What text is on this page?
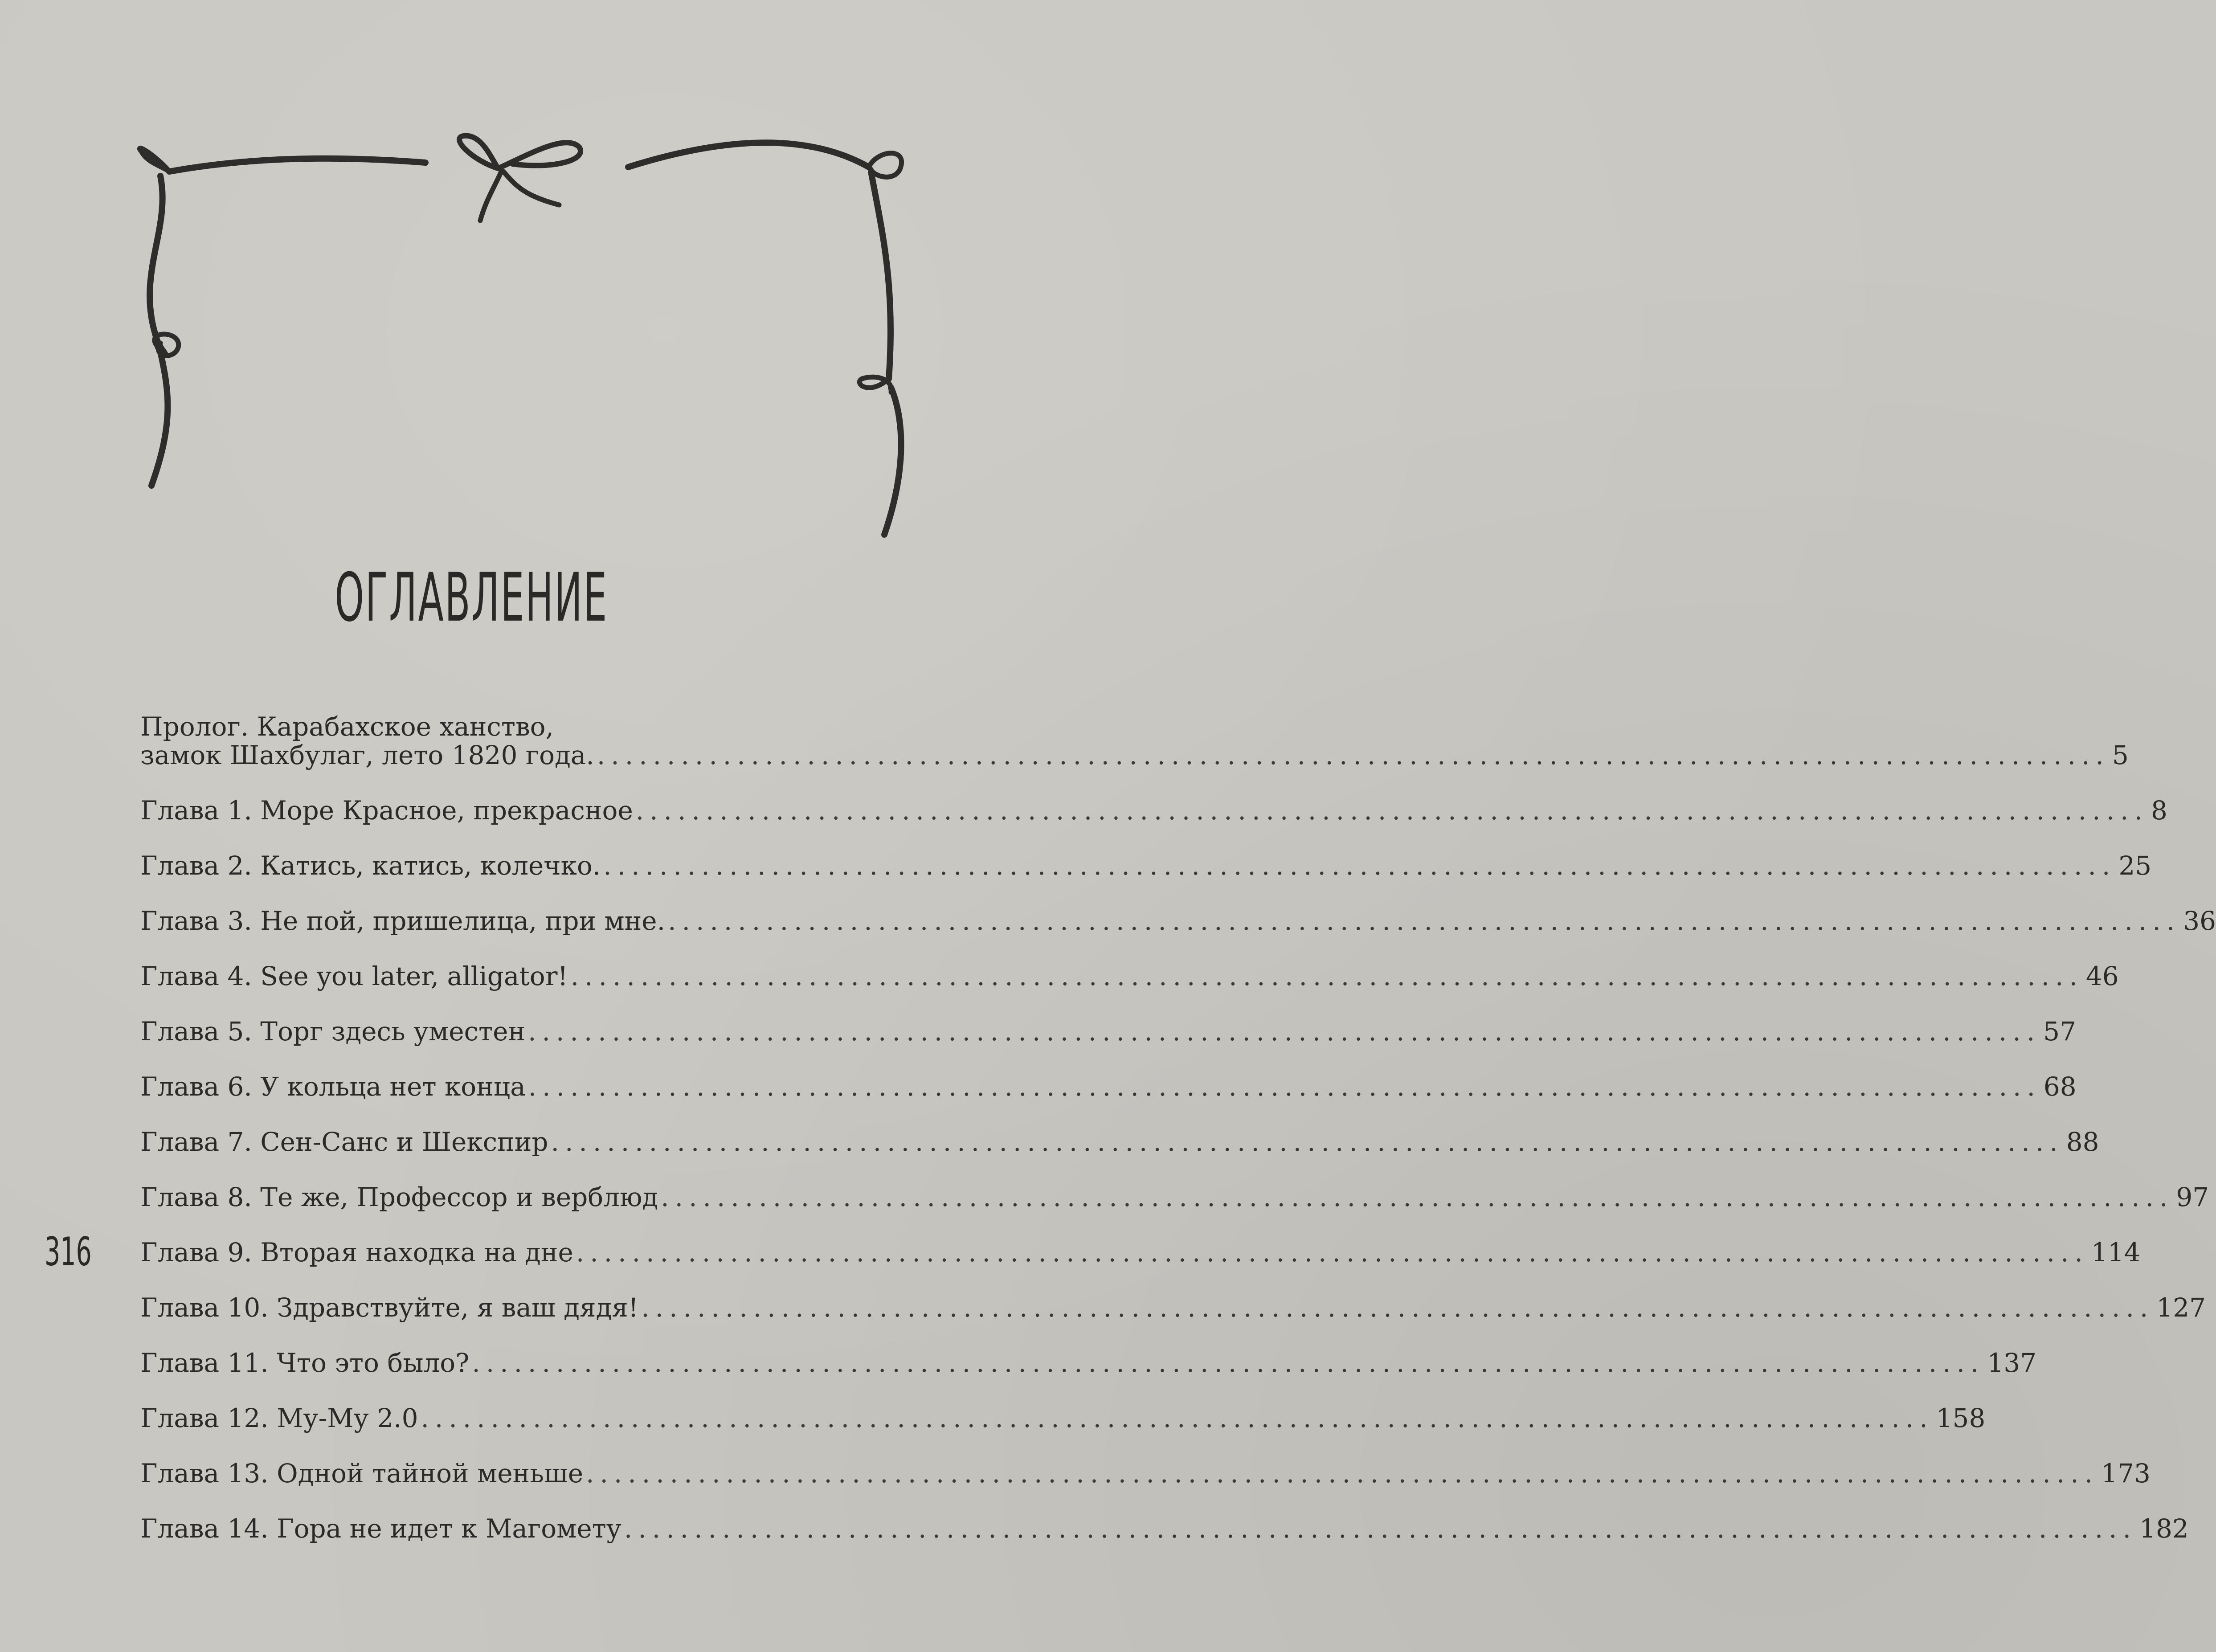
ОГЛАВЛЕНИЕ
316
Пролог. Карабахское ханство,
замок Шахбулаг, лето 1820 года. ............................................................................................................ 5
Глава 1. Море Красное, прекрасное ............................................................................................................ 8
Глава 2. Катись, катись, колечко. ............................................................................................................ 25
Глава 3. Не пой, пришелица, при мне. ............................................................................................................ 36
Глава 4. See you later, alligator! ............................................................................................................ 46
Глава 5. Торг здесь уместен ............................................................................................................ 57
Глава 6. У кольца нет конца ............................................................................................................ 68
Глава 7. Сен-Санс и Шекспир ............................................................................................................ 88
Глава 8. Те же, Профессор и верблюд ............................................................................................................ 97
Глава 9. Вторая находка на дне ............................................................................................................ 114
Глава 10. Здравствуйте, я ваш дядя! ............................................................................................................ 127
Глава 11. Что это было? ............................................................................................................ 137
Глава 12. Му-Му 2.0 ............................................................................................................ 158
Глава 13. Одной тайной меньше ............................................................................................................ 173
Глава 14. Гора не идет к Магомету ............................................................................................................ 182
